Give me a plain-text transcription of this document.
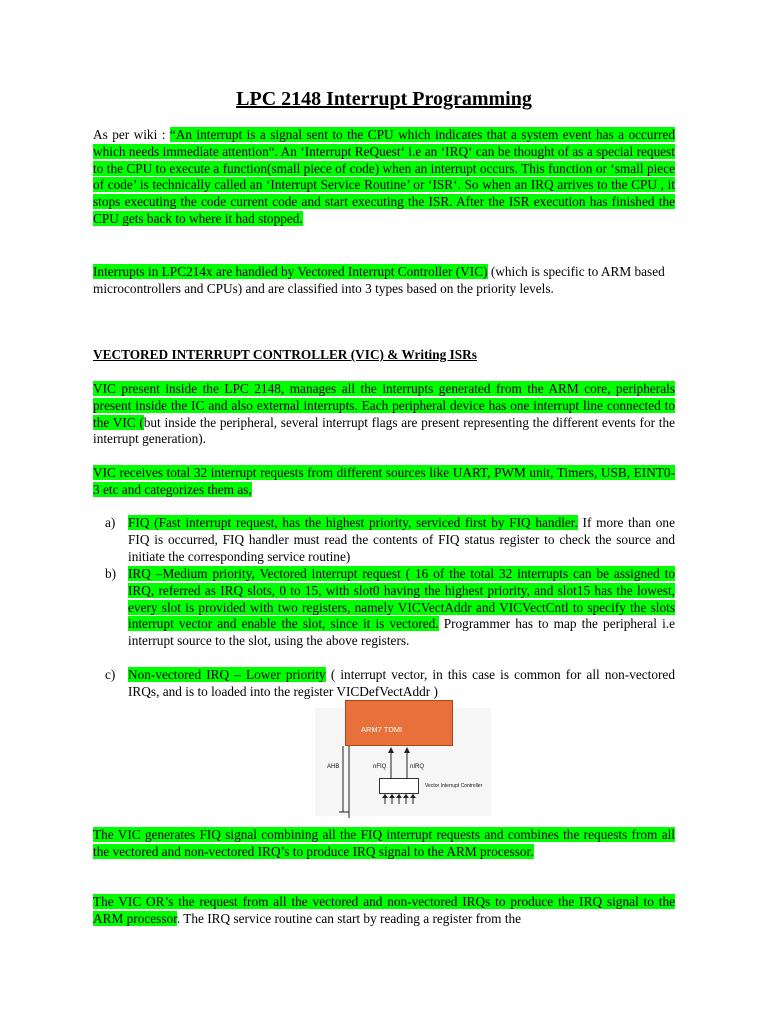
LPC 2148 Interrupt Programming

As per wiki : “An interrupt is a signal sent to the CPU which indicates that a system event has a occurred which needs immediate attention“. An ‘Interrupt ReQuest‘ i.e an ‘IRQ‘ can be thought of as a special request to the CPU to execute a function(small piece of code) when an interrupt occurs. This function or ‘small piece of code’ is technically called an ‘Interrupt Service Routine’ or ‘ISR‘. So when an IRQ arrives to the CPU , it stops executing the code current code and start executing the ISR. After the ISR execution has finished the CPU gets back to where it had stopped.

Interrupts in LPC214x are handled by Vectored Interrupt Controller (VIC) (which is specific to ARM based microcontrollers and CPUs) and are classified into 3 types based on the priority levels.

VECTORED INTERRUPT CONTROLLER (VIC) & Writing ISRs

VIC present inside the LPC 2148, manages all the interrupts generated from the ARM core, peripherals present inside the IC and also external interrupts. Each peripheral device has one interrupt line connected to the VIC (but inside the peripheral, several interrupt flags are present representing the different events for the interrupt generation).

VIC receives total 32 interrupt requests from different sources like UART, PWM unit, Timers, USB, EINT0-3 etc and categorizes them as,

a) FIQ (Fast interrupt request, has the highest priority, serviced first by FIQ handler. If more than one FIQ is occurred, FIQ handler must read the contents of FIQ status register to check the source and initiate the corresponding service routine)

b) IRQ –Medium priority, Vectored interrupt request ( 16 of the total 32 interrupts can be assigned to IRQ, referred as IRQ slots, 0 to 15, with slot0 having the highest priority, and slot15 has the lowest, every slot is provided with two registers, namely VICVectAddr and VICVectCntl to specify the slots interrupt vector and enable the slot, since it is vectored. Programmer has to map the peripheral i.e interrupt source to the slot, using the above registers.

c) Non-vectored IRQ – Lower priority ( interrupt vector, in this case is common for all non-vectored IRQs, and is to loaded into the register VICDefVectAddr )

ARM7 TDMI
AHB	nFIQ	nIRQ
Vector Interrupt Controller

The VIC generates FIQ signal combining all the FIQ interrupt requests and combines the requests from all the vectored and non-vectored IRQ’s to produce IRQ signal to the ARM processor.

The VIC OR’s the request from all the vectored and non-vectored IRQs to produce the IRQ signal to the ARM processor. The IRQ service routine can start by reading a register from the
